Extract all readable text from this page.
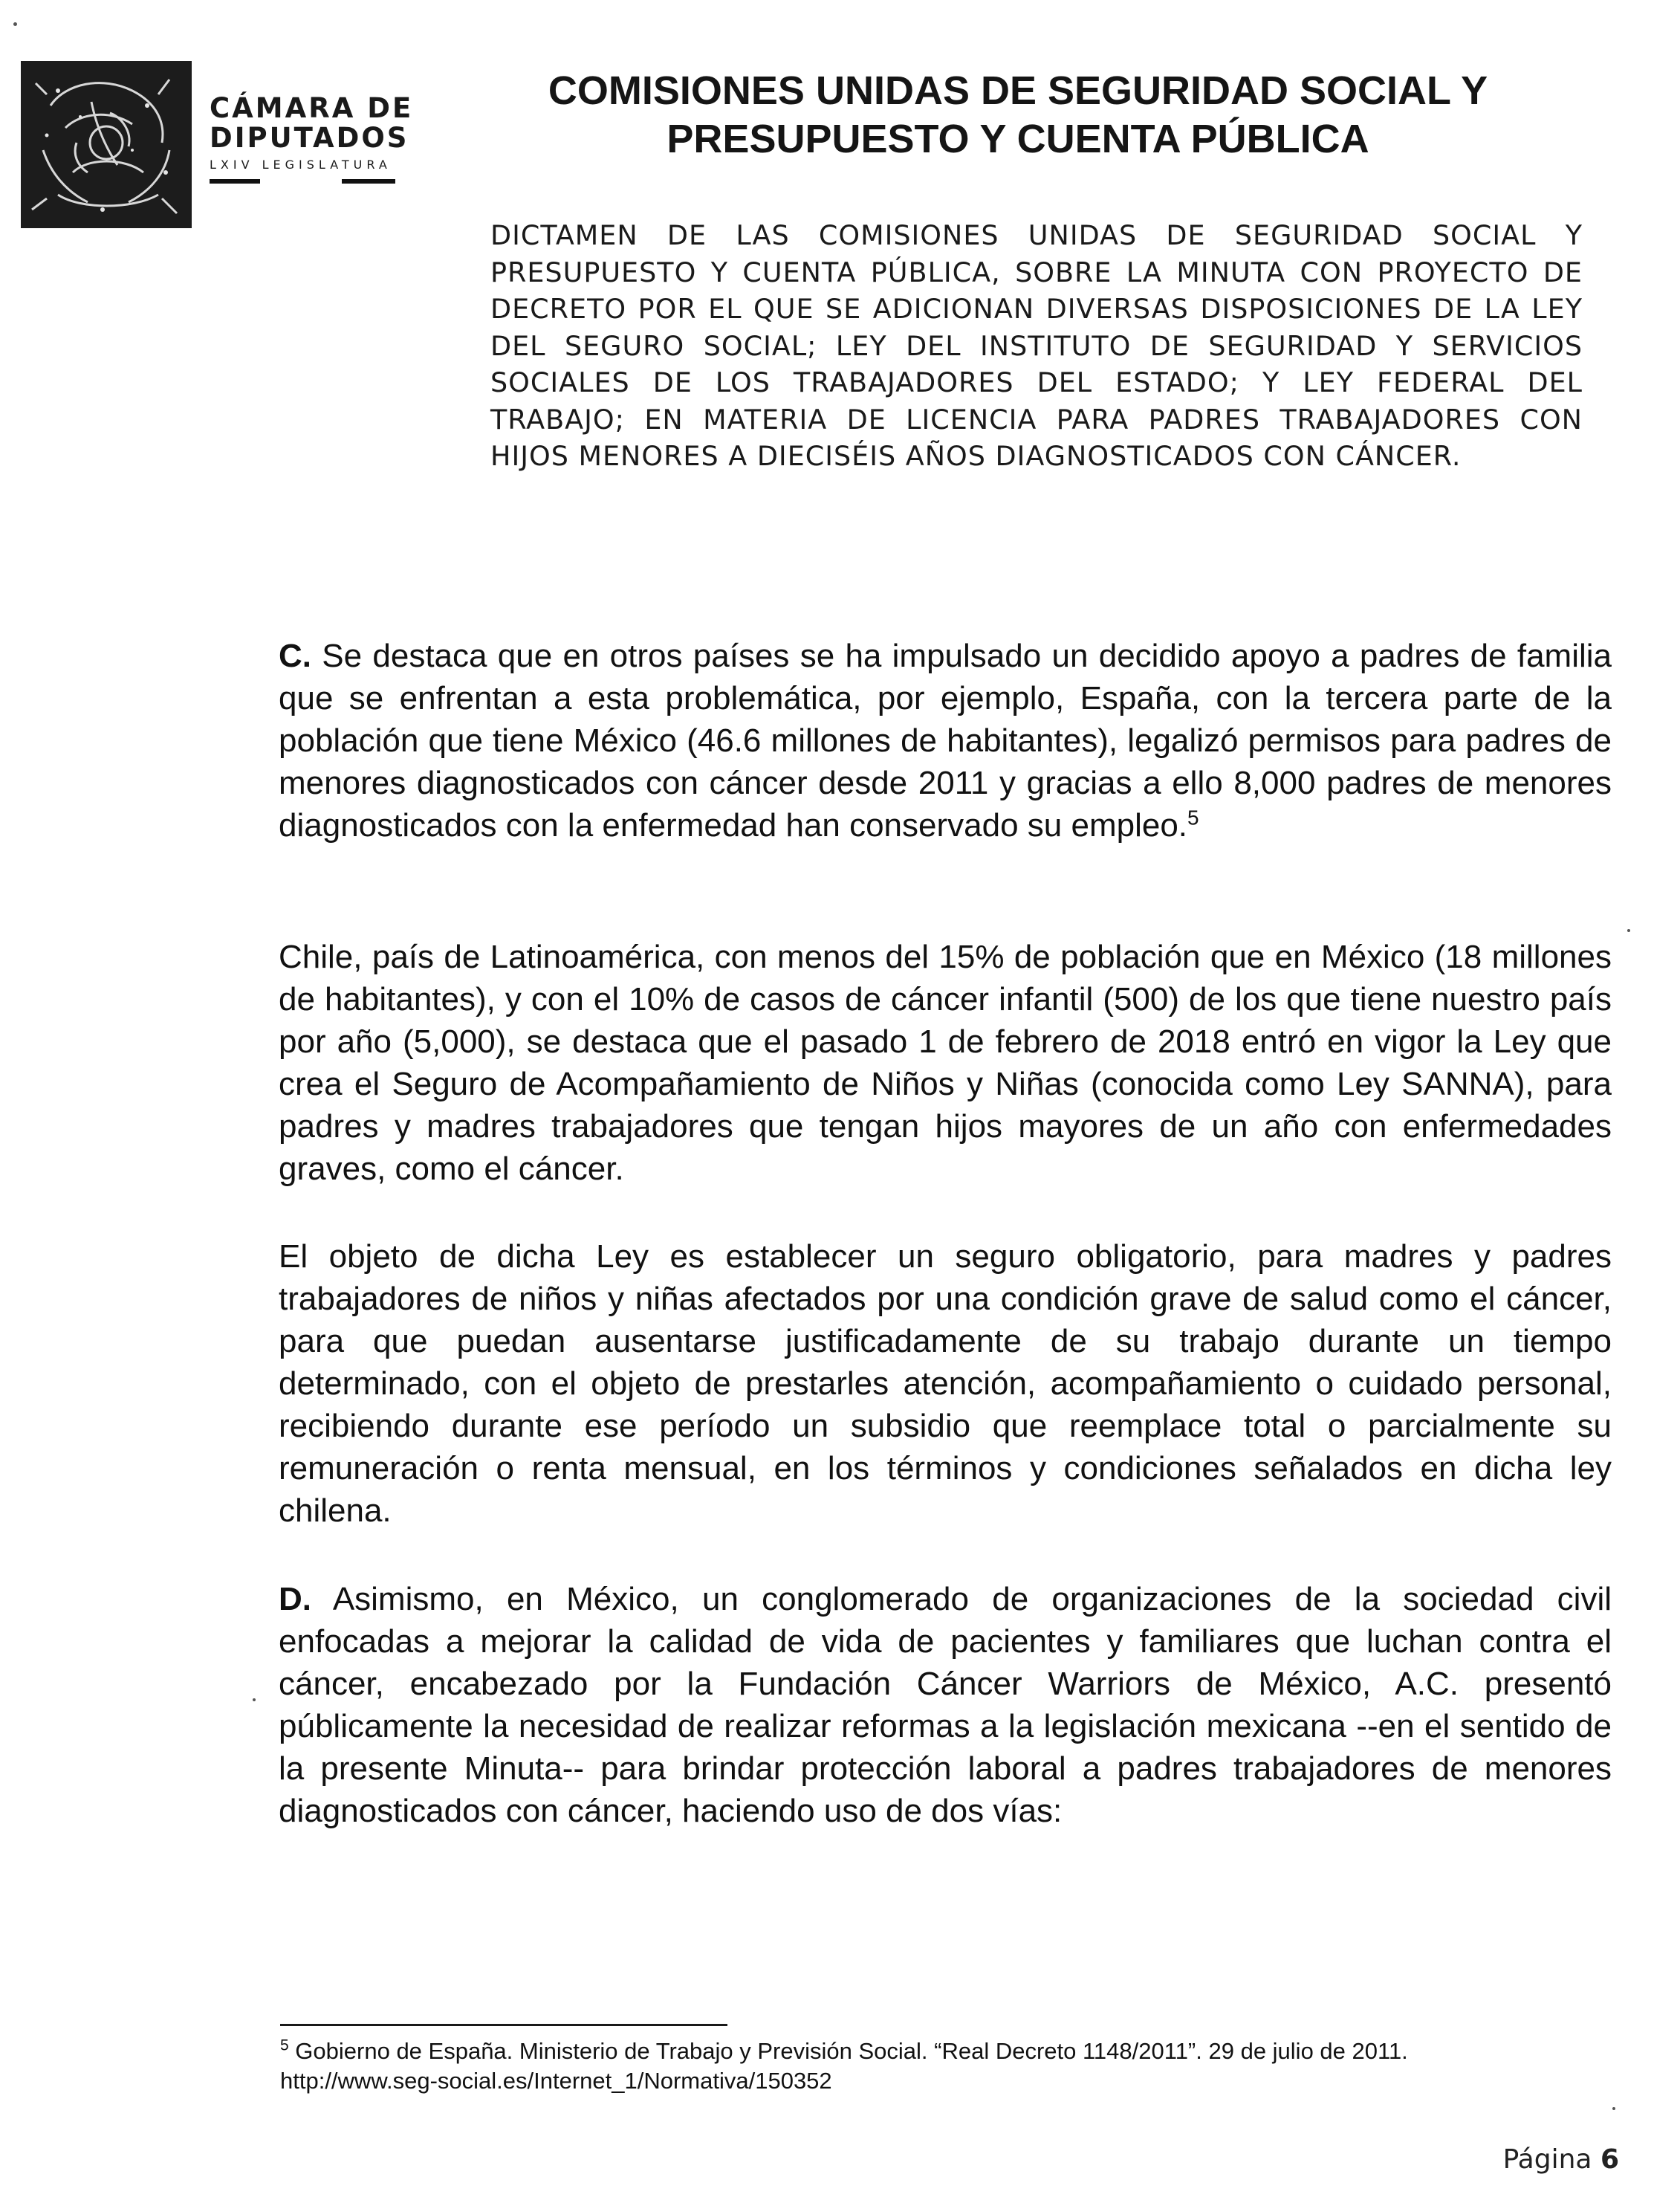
CÁMARA DE
DIPUTADOS
LXIV LEGISLATURA
COMISIONES UNIDAS DE SEGURIDAD SOCIAL Y
PRESUPUESTO Y CUENTA PÚBLICA
DICTAMEN DE LAS COMISIONES UNIDAS DE SEGURIDAD SOCIAL Y PRESUPUESTO Y CUENTA PÚBLICA, SOBRE LA MINUTA CON PROYECTO DE DECRETO POR EL QUE SE ADICIONAN DIVERSAS DISPOSICIONES DE LA LEY DEL SEGURO SOCIAL; LEY DEL INSTITUTO DE SEGURIDAD Y SERVICIOS SOCIALES DE LOS TRABAJADORES DEL ESTADO; Y LEY FEDERAL DEL TRABAJO; EN MATERIA DE LICENCIA PARA PADRES TRABAJADORES CON HIJOS MENORES A DIECISÉIS AÑOS DIAGNOSTICADOS CON CÁNCER.

C. Se destaca que en otros países se ha impulsado un decidido apoyo a padres de familia que se enfrentan a esta problemática, por ejemplo, España, con la tercera parte de la población que tiene México (46.6 millones de habitantes), legalizó permisos para padres de menores diagnosticados con cáncer desde 2011 y gracias a ello 8,000 padres de menores diagnosticados con la enfermedad han conservado su empleo.$^5$

Chile, país de Latinoamérica, con menos del 15% de población que en México (18 millones de habitantes), y con el 10% de casos de cáncer infantil (500) de los que tiene nuestro país por año (5,000), se destaca que el pasado 1 de febrero de 2018 entró en vigor la Ley que crea el Seguro de Acompañamiento de Niños y Niñas (conocida como Ley SANNA), para padres y madres trabajadores que tengan hijos mayores de un año con enfermedades graves, como el cáncer.

El objeto de dicha Ley es establecer un seguro obligatorio, para madres y padres trabajadores de niños y niñas afectados por una condición grave de salud como el cáncer, para que puedan ausentarse justificadamente de su trabajo durante un tiempo determinado, con el objeto de prestarles atención, acompañamiento o cuidado personal, recibiendo durante ese período un subsidio que reemplace total o parcialmente su remuneración o renta mensual, en los términos y condiciones señalados en dicha ley chilena.

D. Asimismo, en México, un conglomerado de organizaciones de la sociedad civil enfocadas a mejorar la calidad de vida de pacientes y familiares que luchan contra el cáncer, encabezado por la Fundación Cáncer Warriors de México, A.C. presentó públicamente la necesidad de realizar reformas a la legislación mexicana --en el sentido de la presente Minuta-- para brindar protección laboral a padres trabajadores de menores diagnosticados con cáncer, haciendo uso de dos vías:

$^5$ Gobierno de España. Ministerio de Trabajo y Previsión Social. “Real Decreto 1148/2011”. 29 de julio de 2011.
http://www.seg-social.es/Internet_1/Normativa/150352
Página 6
